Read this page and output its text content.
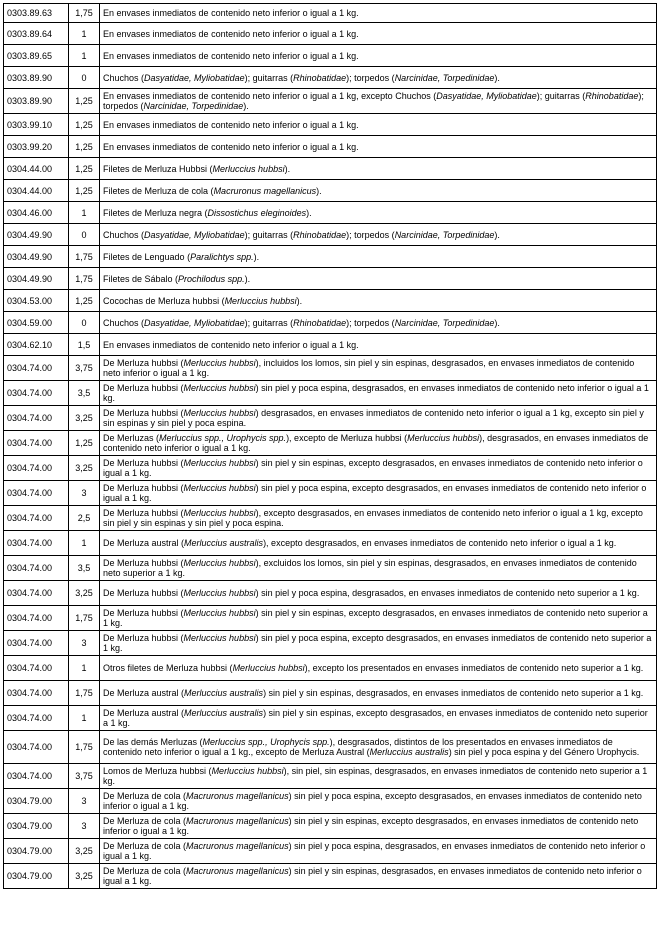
0303.89.63	1,75	En envases inmediatos de contenido neto inferior o igual a 1 kg.
0303.89.64	1	En envases inmediatos de contenido neto inferior o igual a 1 kg.
0303.89.65	1	En envases inmediatos de contenido neto inferior o igual a 1 kg.
0303.89.90	0	Chuchos (Dasyatidae, Myliobatidae); guitarras (Rhinobatidae); torpedos (Narcinidae, Torpedinidae).
0303.89.90	1,25	En envases inmediatos de contenido neto inferior o igual a 1 kg, excepto Chuchos (Dasyatidae, Myliobatidae); guitarras (Rhinobatidae); torpedos (Narcinidae, Torpedinidae).
0303.99.10	1,25	En envases inmediatos de contenido neto inferior o igual a 1 kg.
0303.99.20	1,25	En envases inmediatos de contenido neto inferior o igual a 1 kg.
0304.44.00	1,25	Filetes de Merluza Hubbsi (Merluccius hubbsi).
0304.44.00	1,25	Filetes de Merluza de cola (Macruronus magellanicus).
0304.46.00	1	Filetes de Merluza negra (Dissostichus eleginoides).
0304.49.90	0	Chuchos (Dasyatidae, Myliobatidae); guitarras (Rhinobatidae); torpedos (Narcinidae, Torpedinidae).
0304.49.90	1,75	Filetes de Lenguado (Paralichtys spp.).
0304.49.90	1,75	Filetes de Sábalo (Prochilodus spp.).
0304.53.00	1,25	Cocochas de Merluza hubbsi (Merluccius hubbsi).
0304.59.00	0	Chuchos (Dasyatidae, Myliobatidae); guitarras (Rhinobatidae); torpedos (Narcinidae, Torpedinidae).
0304.62.10	1,5	En envases inmediatos de contenido neto inferior o igual a 1 kg.
0304.74.00	3,75	De Merluza hubbsi (Merluccius hubbsi), incluidos los lomos, sin piel y sin espinas, desgrasados, en envases inmediatos de contenido neto inferior o igual a 1 kg.
0304.74.00	3,5	De Merluza hubbsi (Merluccius hubbsi) sin piel y poca espina, desgrasados, en envases inmediatos de contenido neto inferior o igual a 1 kg.
0304.74.00	3,25	De Merluza hubbsi (Merluccius hubbsi) desgrasados, en envases inmediatos de contenido neto inferior o igual a 1 kg, excepto sin piel y sin espinas y sin piel y poca espina.
0304.74.00	1,25	De Merluzas (Merluccius spp., Urophycis spp.), excepto de Merluza hubbsi (Merluccius hubbsi), desgrasados, en envases inmediatos de contenido neto inferior o igual a 1 kg.
0304.74.00	3,25	De Merluza hubbsi (Merluccius hubbsi) sin piel y sin espinas, excepto desgrasados, en envases inmediatos de contenido neto inferior o igual a 1 kg.
0304.74.00	3	De Merluza hubbsi (Merluccius hubbsi) sin piel y poca espina, excepto desgrasados, en envases inmediatos de contenido neto inferior o igual a 1 kg.
0304.74.00	2,5	De Merluza hubbsi (Merluccius hubbsi), excepto desgrasados, en envases inmediatos de contenido neto inferior o igual a 1 kg, excepto sin piel y sin espinas y sin piel y poca espina.
0304.74.00	1	De Merluza austral (Merluccius australis), excepto desgrasados, en envases inmediatos de contenido neto inferior o igual a 1 kg.
0304.74.00	3,5	De Merluza hubbsi (Merluccius hubbsi), excluidos los lomos, sin piel y sin espinas, desgrasados, en envases inmediatos de contenido neto superior a 1 kg.
0304.74.00	3,25	De Merluza hubbsi (Merluccius hubbsi) sin piel y poca espina, desgrasados, en envases inmediatos de contenido neto superior a 1 kg.
0304.74.00	1,75	De Merluza hubbsi (Merluccius hubbsi) sin piel y sin espinas, excepto desgrasados, en envases inmediatos de contenido neto superior a 1 kg.
0304.74.00	3	De Merluza hubbsi (Merluccius hubbsi) sin piel y poca espina, excepto desgrasados, en envases inmediatos de contenido neto superior a 1 kg.
0304.74.00	1	Otros filetes de Merluza hubbsi (Merluccius hubbsi), excepto los presentados en envases inmediatos de contenido neto superior a 1 kg.
0304.74.00	1,75	De Merluza austral (Merluccius australis) sin piel y sin espinas, desgrasados, en envases inmediatos de contenido neto superior a 1 kg.
0304.74.00	1	De Merluza austral (Merluccius australis) sin piel y sin espinas, excepto desgrasados, en envases inmediatos de contenido neto superior a 1 kg.
0304.74.00	1,75	De las demás Merluzas (Merluccius spp., Urophycis spp.), desgrasados, distintos de los presentados en envases inmediatos de contenido neto inferior o igual a 1 kg., excepto de Merluza Austral (Merluccius australis) sin piel y poca espina y del Género Urophycis.
0304.74.00	3,75	Lomos de Merluza hubbsi (Merluccius hubbsi), sin piel, sin espinas, desgrasados, en envases inmediatos de contenido neto superior a 1 kg.
0304.79.00	3	De Merluza de cola (Macruronus magellanicus) sin piel y poca espina, excepto desgrasados, en envases inmediatos de contenido neto inferior o igual a 1 kg.
0304.79.00	3	De Merluza de cola (Macruronus magellanicus) sin piel y sin espinas, excepto desgrasados, en envases inmediatos de contenido neto inferior o igual a 1 kg.
0304.79.00	3,25	De Merluza de cola (Macruronus magellanicus) sin piel y poca espina, desgrasados, en envases inmediatos de contenido neto inferior o igual a 1 kg.
0304.79.00	3,25	De Merluza de cola (Macruronus magellanicus) sin piel y sin espinas, desgrasados, en envases inmediatos de contenido neto inferior o igual a 1 kg.
